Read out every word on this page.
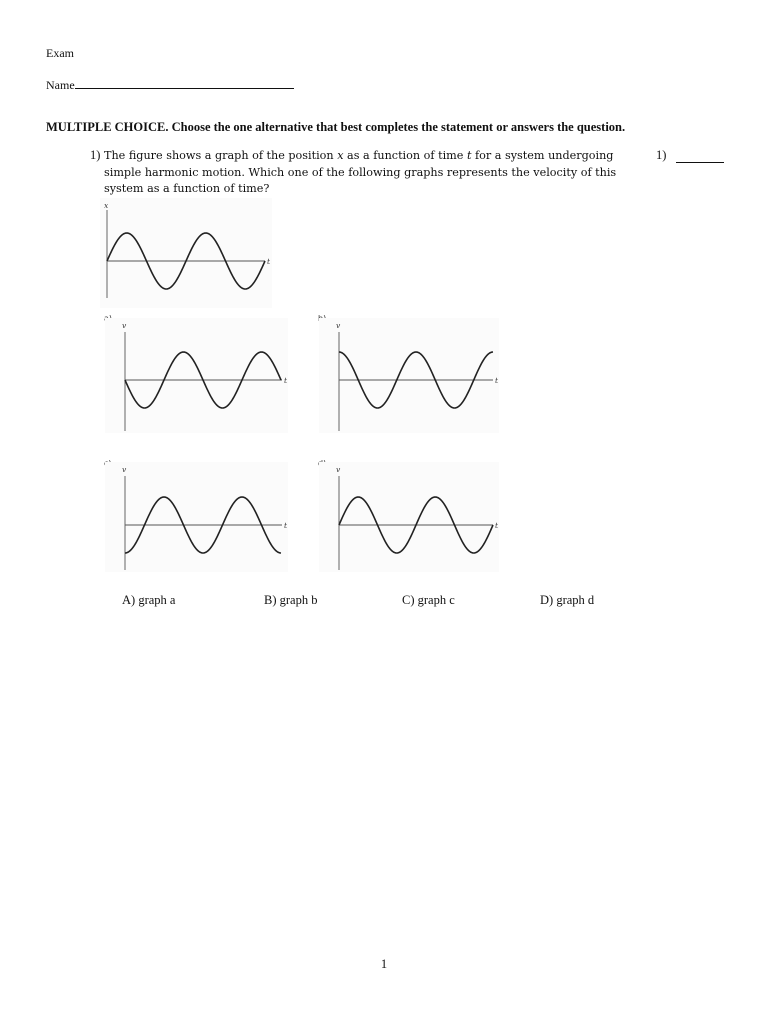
Exam
Name
MULTIPLE CHOICE. Choose the one alternative that best completes the statement or answers the question.
1) The figure shows a graph of the position x as a function of time t for a system undergoing simple harmonic motion. Which one of the following graphs represents the velocity of this system as a function of time?
1)
x
t
v
t
v
t
v
t
v
t
A) graph a	B) graph b	C) graph c	D) graph d
1
